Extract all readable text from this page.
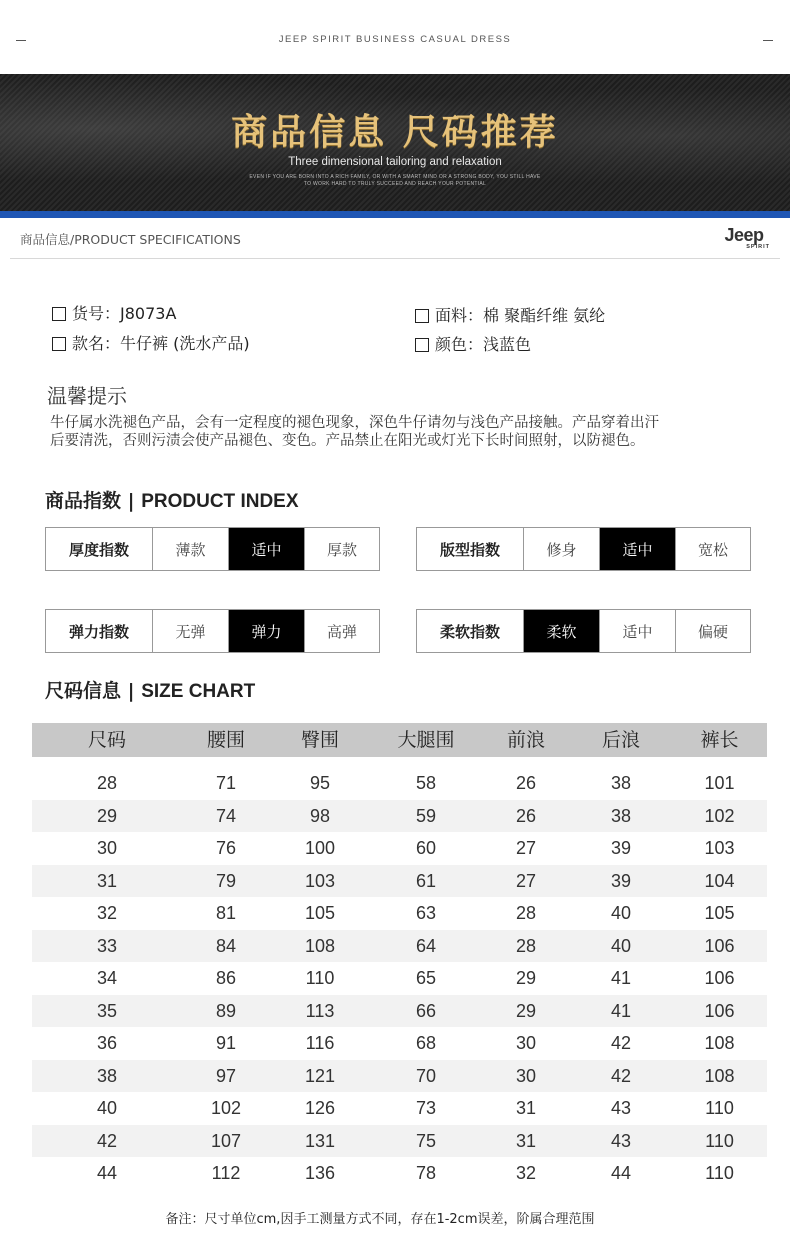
JEEP SPIRIT BUSINESS CASUAL DRESS
商品信息 尺码推荐
Three dimensional tailoring and relaxation
EVEN IF YOU ARE BORN INTO A RICH FAMILY, OR WITH A SMART MIND OR A STRONG BODY, YOU STILL HAVE
TO WORK HARD TO TRULY SUCCEED AND REACH YOUR POTENTIAL
商品信息/PRODUCT SPECIFICATIONS	Jeep
SPIRIT
货号：J8073A
款名：牛仔裤 (洗水产品)
面料：棉 聚酯纤维 氨纶
颜色：浅蓝色
温馨提示
牛仔属水洗褪色产品，会有一定程度的褪色现象，深色牛仔请勿与浅色产品接触。产品穿着出汗
后要清洗，否则污渍会使产品褪色、变色。产品禁止在阳光或灯光下长时间照射，以防褪色。
商品指数 | PRODUCT INDEX
厚度指数	薄款	适中	厚款	版型指数	修身	适中	宽松
弹力指数	无弹	弹力	高弹	柔软指数	柔软	适中	偏硬
尺码信息 | SIZE CHART
尺码	腰围	臀围	大腿围	前浪	后浪	裤长
28	71	95	58	26	38	101
29	74	98	59	26	38	102
30	76	100	60	27	39	103
31	79	103	61	27	39	104
32	81	105	63	28	40	105
33	84	108	64	28	40	106
34	86	110	65	29	41	106
35	89	113	66	29	41	106
36	91	116	68	30	42	108
38	97	121	70	30	42	108
40	102	126	73	31	43	110
42	107	131	75	31	43	110
44	112	136	78	32	44	110
备注：尺寸单位cm,因手工测量方式不同，存在1-2cm误差，阶属合理范围
